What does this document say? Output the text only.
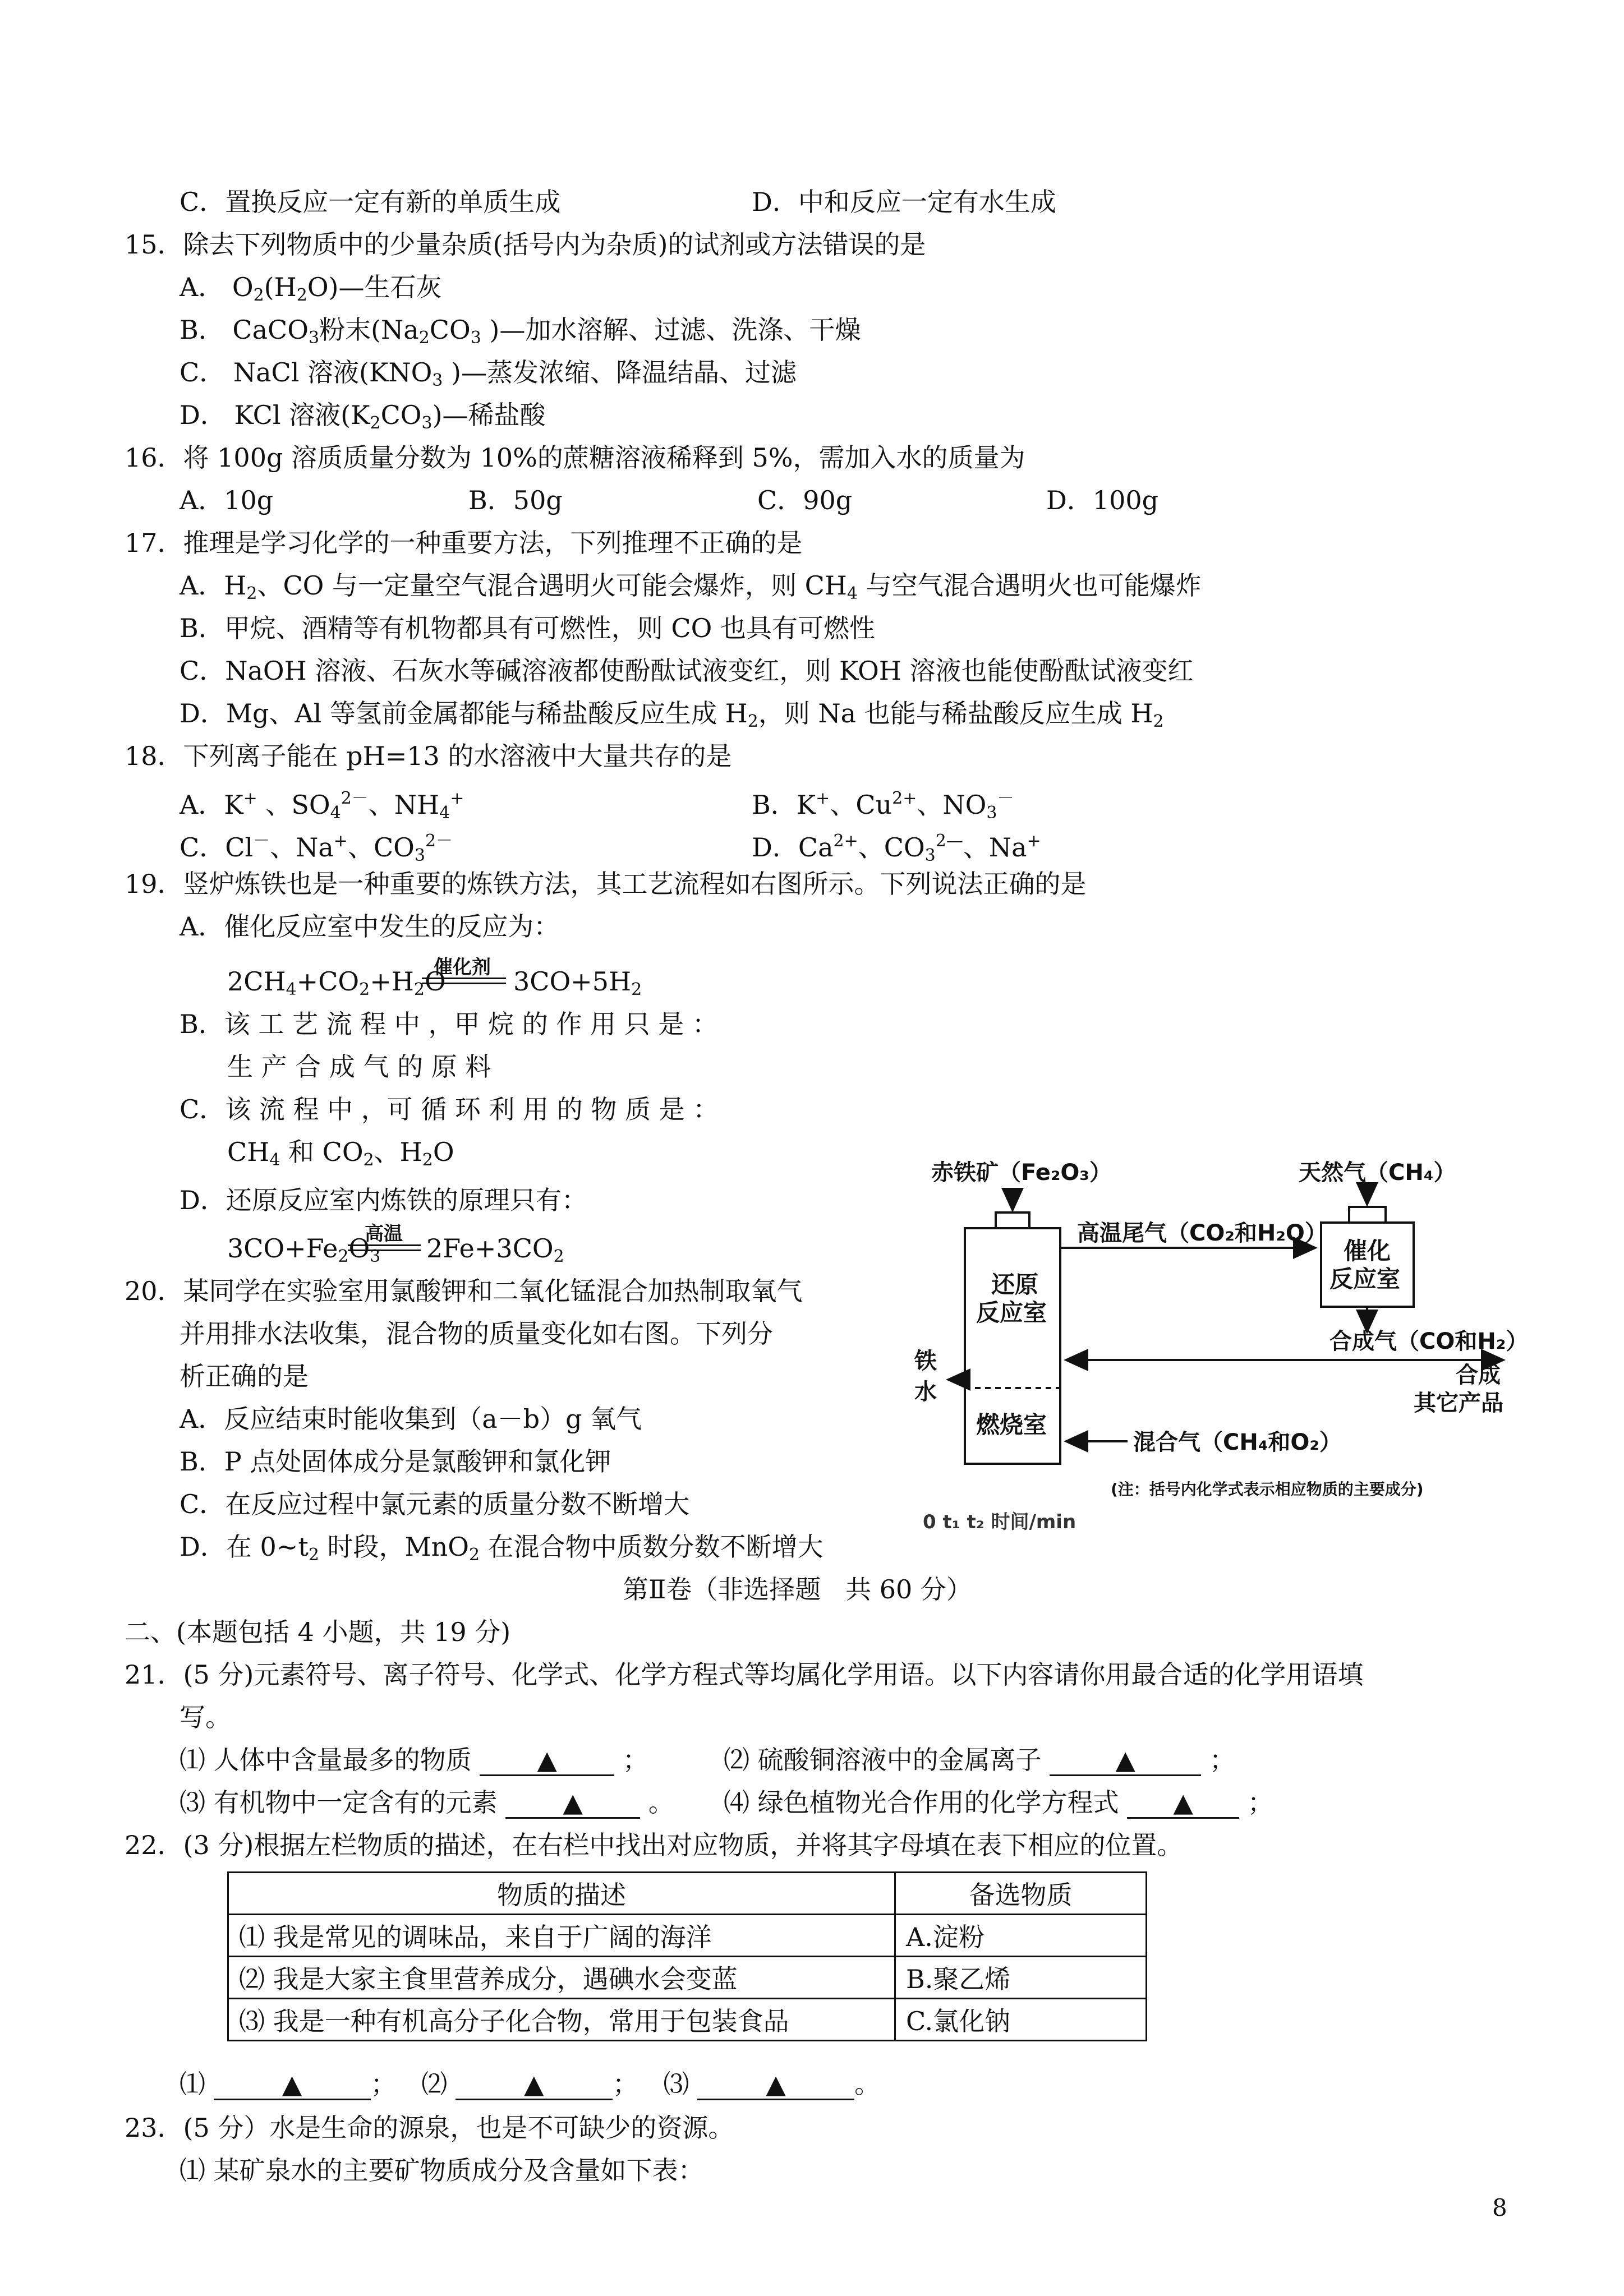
C．置换反应一定有新的单质生成	D．中和反应一定有水生成
15．除去下列物质中的少量杂质(括号内为杂质)的试剂或方法错误的是
A． $O_2(H_2O)—$生石灰
B． CaCO$_3$粉末($Na_2CO_3$ )—加水溶解、过滤、洗涤、干燥
C． NaCl 溶液($KNO_3$ )—蒸发浓缩、降温结晶、过滤
D． KCl 溶液$(K_2CO_3)—$稀盐酸
16．将 100g 溶质质量分数为 10%的蔗糖溶液稀释到 5%，需加入水的质量为
A．10g	B．50g	C．90g	D．100g
17．推理是学习化学的一种重要方法，下列推理不正确的是
A．$H_2$、CO 与一定量空气混合遇明火可能会爆炸，则 $CH_4$ 与空气混合遇明火也可能爆炸
B．甲烷、酒精等有机物都具有可燃性，则 CO 也具有可燃性
C．NaOH 溶液、石灰水等碱溶液都使酚酞试液变红，则 KOH 溶液也能使酚酞试液变红
D．Mg、Al 等氢前金属都能与稀盐酸反应生成 $H_2$，则 Na 也能与稀盐酸反应生成 $H_2$
18．下列离子能在 pH=13 的水溶液中大量共存的是
A．K+ 、$SO_4^{2-}$、$NH_4^+$	B．K+、$Cu^{2+}$、$NO_3^-$
C．Cl－、Na+、$CO_3^{2-}$	D．$Ca^{2+}$、$CO_3^{2—}$、Na+
19．竖炉炼铁也是一种重要的炼铁方法，其工艺流程如右图所示。下列说法正确的是
A．催化反应室中发生的反应为：
$2CH_4+CO_2+H_2O$
催化剂 $3CO+5H_2$
B．该 工 艺 流 程 中 ，甲 烷 的 作 用 只 是 ：
生 产 合 成 气 的 原 料
C．该 流 程 中 ，可 循 环 利 用 的 物 质 是 ：
$CH_4$ 和 $CO_2$、$H_2O$
D．还原反应室内炼铁的原理只有：
$3CO+Fe_2O_3$
高温 $2Fe+3CO_2$
20．某同学在实验室用氯酸钾和二氧化锰混合加热制取氧气
并用排水法收集，混合物的质量变化如右图。下列分
析正确的是
A．反应结束时能收集到（a－b）g 氧气
B．P 点处固体成分是氯酸钾和氯化钾
C．在反应过程中氯元素的质量分数不断增大
D．在 $0\sim t_2$ 时段，MnO$_2$ 在混合物中质数分数不断增大
第Ⅱ卷（非选择题   共 60 分）
二、(本题包括 4 小题，共 19 分)
21．(5 分)元素符号、离子符号、化学式、化学方程式等均属化学用语。以下内容请你用最合适的化学用语填
写。
⑴ 人体中含量最多的物质	▲	；	⑵ 硫酸铜溶液中的金属离子	▲	；
⑶ 有机物中一定含有的元素	▲	。 ⑷ 绿色植物光合作用的化学方程式 ▲ ；
22．(3 分)根据左栏物质的描述，在右栏中找出对应物质，并将其字母填在表下相应的位置。
物质的描述	备选物质
⑴ 我是常见的调味品，来自于广阔的海洋	A.淀粉
⑵ 我是大家主食里营养成分，遇碘水会变蓝	B.聚乙烯
⑶ 我是一种有机高分子化合物，常用于包装食品	C.氯化钠
⑴	▲	； ⑵	▲	； ⑶	▲	。
23．(5 分）水是生命的源泉，也是不可缺少的资源。
⑴ 某矿泉水的主要矿物质成分及含量如下表：
赤铁矿（Fe₂O₃）	天然气（CH₄）
高温尾气（CO₂和H₂O）
还原
反应室
催化
反应室
合成气（CO和H₂）
合成
其它产品
铁
水
燃烧室
混合气（CH₄和O₂）
(注：括号内化学式表示相应物质的主要成分)
0 t₁ t₂ 时间/min
8
